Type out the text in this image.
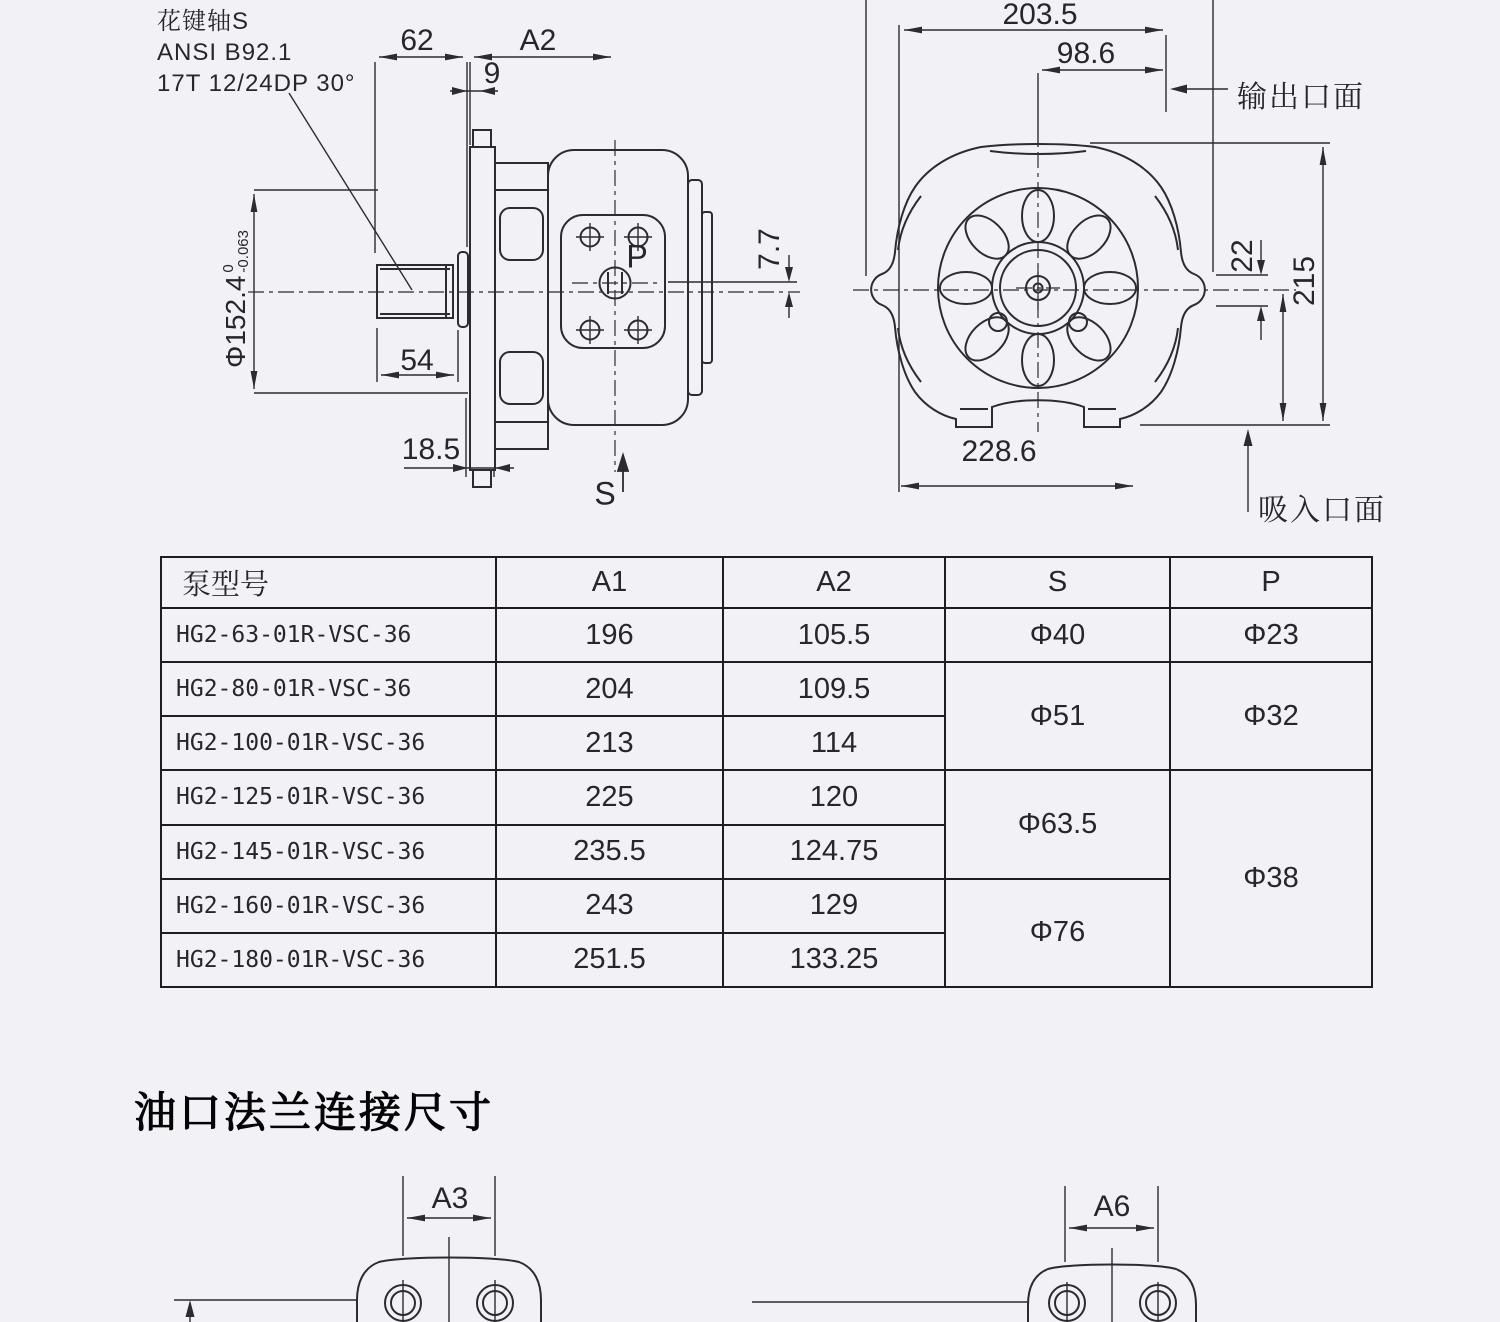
花键轴S
ANSI B92.1
17T 12/24DP 30°
62	A2
9
Φ152.4
0
-0.063
54
18.5
7.7
P
S
203.5
98.6
输出口面
22 215
228.6
吸入口面
泵型号	A1	A2	S	P
HG2-63-01R-VSC-36	196	105.5	Φ40	Φ23
HG2-80-01R-VSC-36	204	109.5	Φ51	Φ32
HG2-100-01R-VSC-36	213	114		
HG2-125-01R-VSC-36	225	120	Φ63.5	Φ38
HG2-145-01R-VSC-36	235.5	124.75		
HG2-160-01R-VSC-36	243	129	Φ76	
HG2-180-01R-VSC-36	251.5	133.25		
油口法兰连接尺寸
A3	A6
